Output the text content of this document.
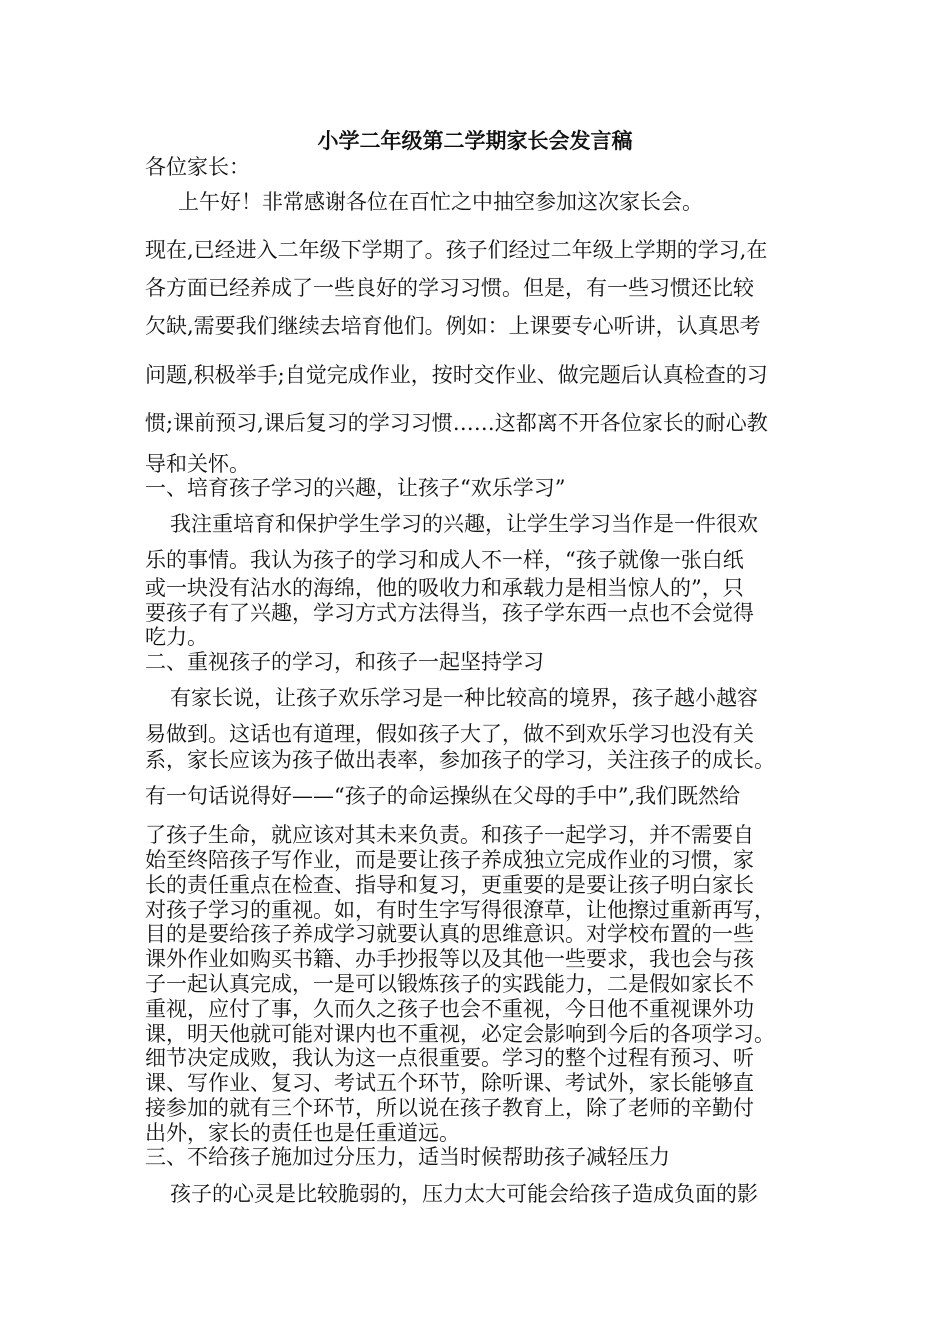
小学二年级第二学期家长会发言稿
各位家长：
上午好！非常感谢各位在百忙之中抽空参加这次家长会。
现在,已经进入二年级下学期了。孩子们经过二年级上学期的学习,在
各方面已经养成了一些良好的学习习惯。但是，有一些习惯还比较
欠缺,需要我们继续去培育他们。例如：上课要专心听讲，认真思考
问题,积极举手;自觉完成作业，按时交作业、做完题后认真检查的习
惯;课前预习,课后复习的学习习惯……这都离不开各位家长的耐心教
导和关怀。
一、培育孩子学习的兴趣，让孩子“欢乐学习”
我注重培育和保护学生学习的兴趣，让学生学习当作是一件很欢
乐的事情。我认为孩子的学习和成人不一样，“孩子就像一张白纸
或一块没有沾水的海绵，他的吸收力和承载力是相当惊人的”，只
要孩子有了兴趣，学习方式方法得当，孩子学东西一点也不会觉得
吃力。
二、重视孩子的学习，和孩子一起坚持学习
有家长说，让孩子欢乐学习是一种比较高的境界，孩子越小越容
易做到。这话也有道理，假如孩子大了，做不到欢乐学习也没有关
系，家长应该为孩子做出表率，参加孩子的学习，关注孩子的成长。
有一句话说得好——“孩子的命运操纵在父母的手中”,我们既然给
了孩子生命，就应该对其未来负责。和孩子一起学习，并不需要自
始至终陪孩子写作业，而是要让孩子养成独立完成作业的习惯，家
长的责任重点在检查、指导和复习，更重要的是要让孩子明白家长
对孩子学习的重视。如，有时生字写得很潦草，让他擦过重新再写，
目的是要给孩子养成学习就要认真的思维意识。对学校布置的一些
课外作业如购买书籍、办手抄报等以及其他一些要求，我也会与孩
子一起认真完成，一是可以锻炼孩子的实践能力，二是假如家长不
重视，应付了事，久而久之孩子也会不重视，今日他不重视课外功
课，明天他就可能对课内也不重视，必定会影响到今后的各项学习。
细节决定成败，我认为这一点很重要。学习的整个过程有预习、听
课、写作业、复习、考试五个环节，除听课、考试外，家长能够直
接参加的就有三个环节，所以说在孩子教育上，除了老师的辛勤付
出外，家长的责任也是任重道远。
三、不给孩子施加过分压力，适当时候帮助孩子减轻压力
孩子的心灵是比较脆弱的，压力太大可能会给孩子造成负面的影
